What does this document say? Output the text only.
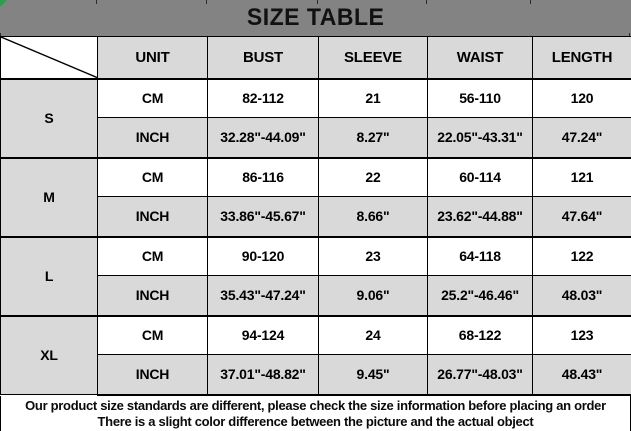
SIZE TABLE
	UNIT	BUST	SLEEVE	WAIST	LENGTH
S	CM	82-112	21	56-110	120
	INCH	32.28"-44.09"	8.27"	22.05"-43.31"	47.24"
M	CM	86-116	22	60-114	121
	INCH	33.86"-45.67"	8.66"	23.62"-44.88"	47.64"
L	CM	90-120	23	64-118	122
	INCH	35.43"-47.24"	9.06"	25.2"-46.46"	48.03"
XL	CM	94-124	24	68-122	123
	INCH	37.01"-48.82"	9.45"	26.77"-48.03"	48.43"
Our product size standards are different, please check the size information before placing an order
There is a slight color difference between the picture and the actual object
